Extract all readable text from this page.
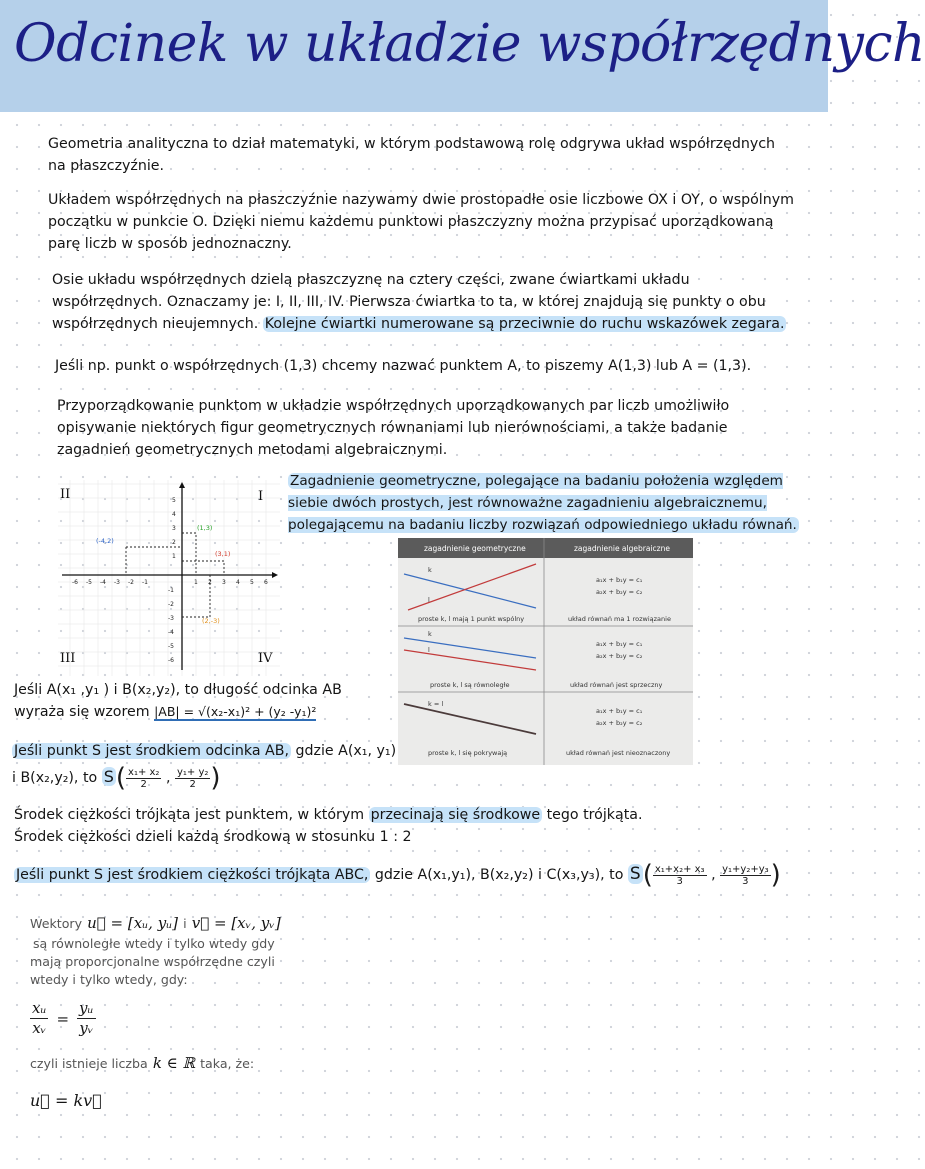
Odcinek w układzie współrzędnych

Geometria analityczna to dział matematyki, w którym podstawową rolę odgrywa układ współrzędnych na płaszczyźnie.

Układem współrzędnych na płaszczyźnie nazywamy dwie prostopadłe osie liczbowe OX i OY, o wspólnym początku w punkcie O. Dzięki niemu każdemu punktowi płaszczyzny można przypisać uporządkowaną parę liczb w sposób jednoznaczny.

Osie układu współrzędnych dzielą płaszczyznę na cztery części, zwane ćwiartkami układu współrzędnych. Oznaczamy je: I, II, III, IV. Pierwsza ćwiartka to ta, w której znajdują się punkty o obu współrzędnych nieujemnych. Kolejne ćwiartki numerowane są przeciwnie do ruchu wskazówek zegara.

Jeśli np. punkt o współrzędnych (1,3) chcemy nazwać punktem A, to piszemy A(1,3) lub A = (1,3).

Przyporządkowanie punktom w układzie współrzędnych uporządkowanych par liczb umożliwiło opisywanie niektórych figur geometrycznych równaniami lub nierównościami, a także badanie zagadnień geometrycznych metodami algebraicznymi.

Zagadnienie geometryczne, polegające na badaniu położenia względem siebie dwóch prostych, jest równoważne zagadnieniu algebraicznemu, polegającemu na badaniu liczby rozwiązań odpowiedniego układu równań.

-6 -5 -4 -3 -2 -1	1 2 3 4 5 6
5
4
3
2
1
-1
-2
-3
-4
-5
-6
(1,3)
(-4,2)
(3,1)
(2,-3)
II	I
III	IV
zagadnienie geometryczne	zagadnienie algebraiczne
k
l
proste k, l mają 1 punkt wspólny	układ równań ma 1 rozwiązanie
a₁x + b₁y = c₁
a₂x + b₂y = c₂
k
l
proste k, l są równoległe	układ równań jest sprzeczny
a₁x + b₁y = c₁
a₂x + b₂y = c₂
k = l
proste k, l się pokrywają	układ równań jest nieoznaczony
a₁x + b₁y = c₁
a₂x + b₂y = c₂
Jeśli A(x₁ ,y₁ ) i B(x₂,y₂), to długość odcinka AB wyraża się wzorem |AB| = √(x₂-x₁)² + (y₂ -y₁)²
Jeśli punkt S jest środkiem odcinka AB, gdzie A(x₁, y₁) i B(x₂,y₂), to $S( \frac{\text{x₁+ x₂}}{2}$ , $\frac{\text{y₁+ y₂}}{2}$ )
Środek ciężkości trójkąta jest punktem, w którym przecinają się środkowe tego trójkąta.
Środek ciężkości dzieli każdą środkową w stosunku 1 : 2
Jeśli punkt S jest środkiem ciężkości trójkąta ABC, gdzie A(x₁,y₁), B(x₂,y₂) i C(x₃,y₃), to $S( \frac{\text{x₁+x₂+ x₃}}{3}$ , $\frac{\text{y₁+y₂+y₃}}{3}$ )
Wektory u⃗ = [xᵤ, yᵤ] i v⃗ = [xᵥ, yᵥ]
są równoległe wtedy i tylko wtedy gdy
mają proporcjonalne współrzędne czyli
wtedy i tylko wtedy, gdy:
$\frac{\text{xᵤ}}{\text{xᵥ}} = \frac{\text{yᵤ}}{\text{yᵥ}}$
czyli istnieje liczba k ∈ ℝ taka, że:
u⃗ = kv⃗
